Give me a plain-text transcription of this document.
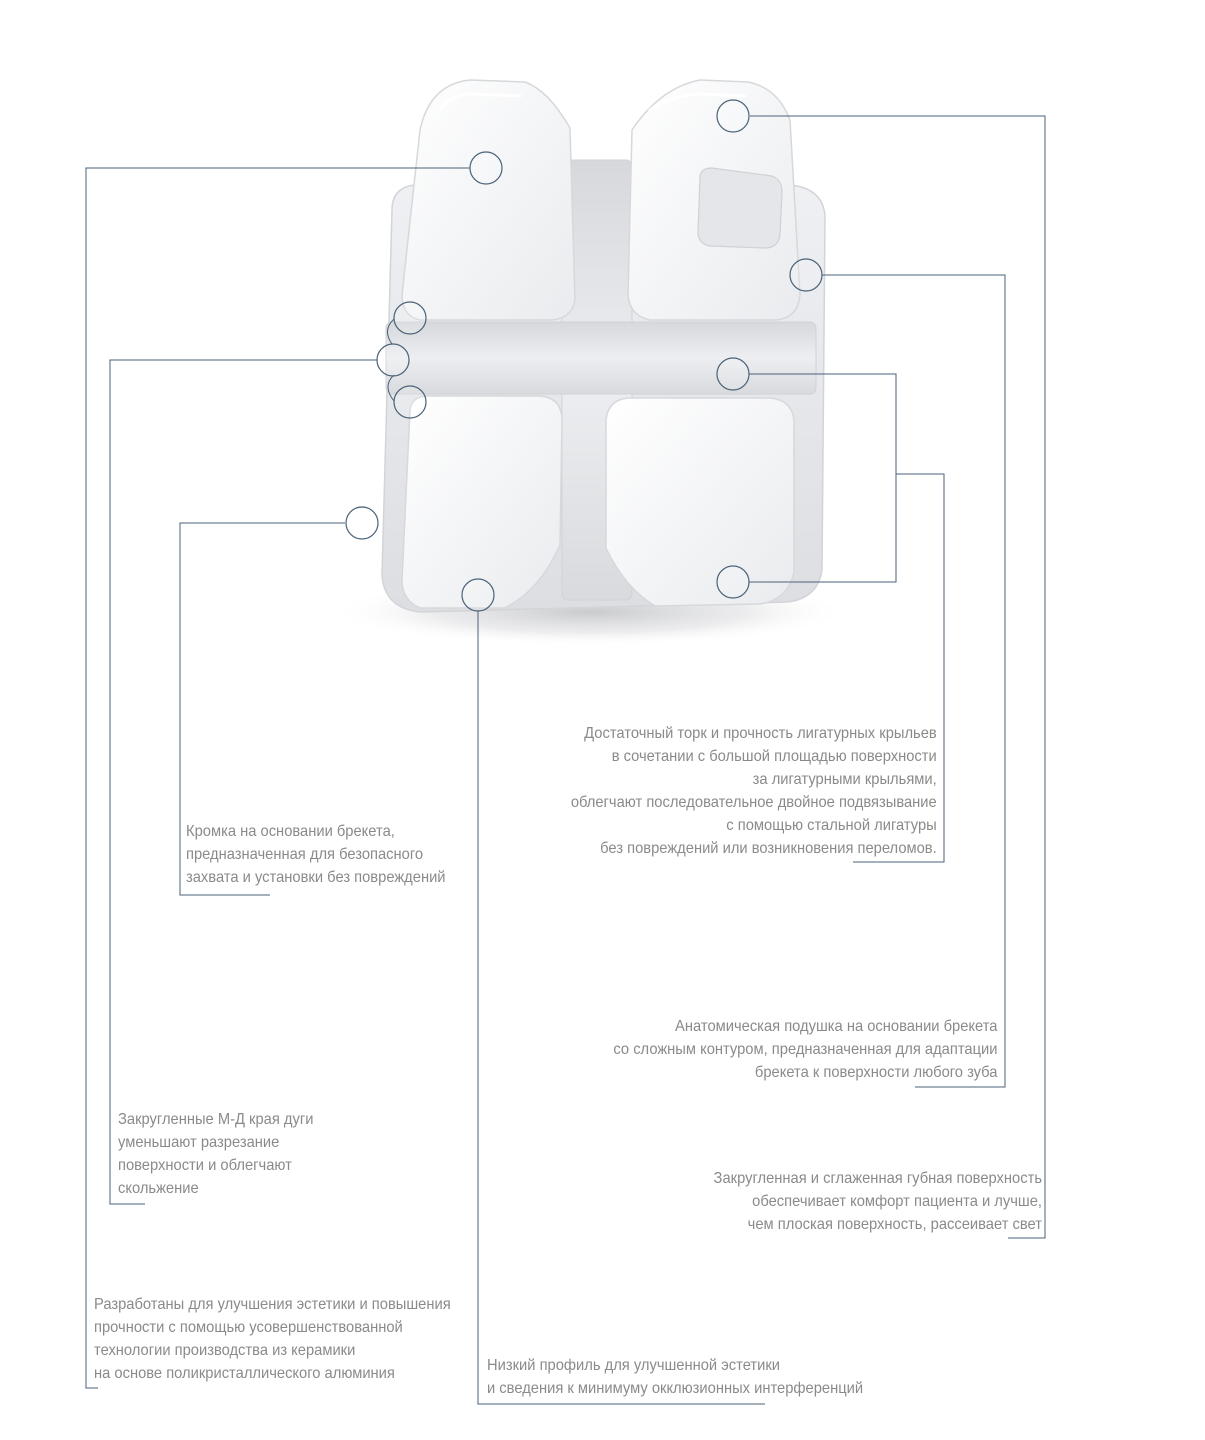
Достаточный торк и прочность лигатурных крыльев
в сочетании с большой площадью поверхности
за лигатурными крыльями,
облегчают последовательное двойное подвязывание
с помощью стальной лигатуры
без повреждений или возникновения переломов.
Кромка на основании брекета,
предназначенная для безопасного
захвата и установки без повреждений
Анатомическая подушка на основании брекета
со сложным контуром, предназначенная для адаптации
брекета к поверхности любого зуба
Закругленные М-Д края дуги
уменьшают разрезание
поверхности и облегчают
скольжение
Закругленная и сглаженная губная поверхность
обеспечивает комфорт пациента и лучше,
чем плоская поверхность, рассеивает свет
Разработаны для улучшения эстетики и повышения
прочности с помощью усовершенствованной
технологии производства из керамики
на основе поликристаллического алюминия	Низкий профиль для улучшенной эстетики
и сведения к минимуму окклюзионных интерференций
